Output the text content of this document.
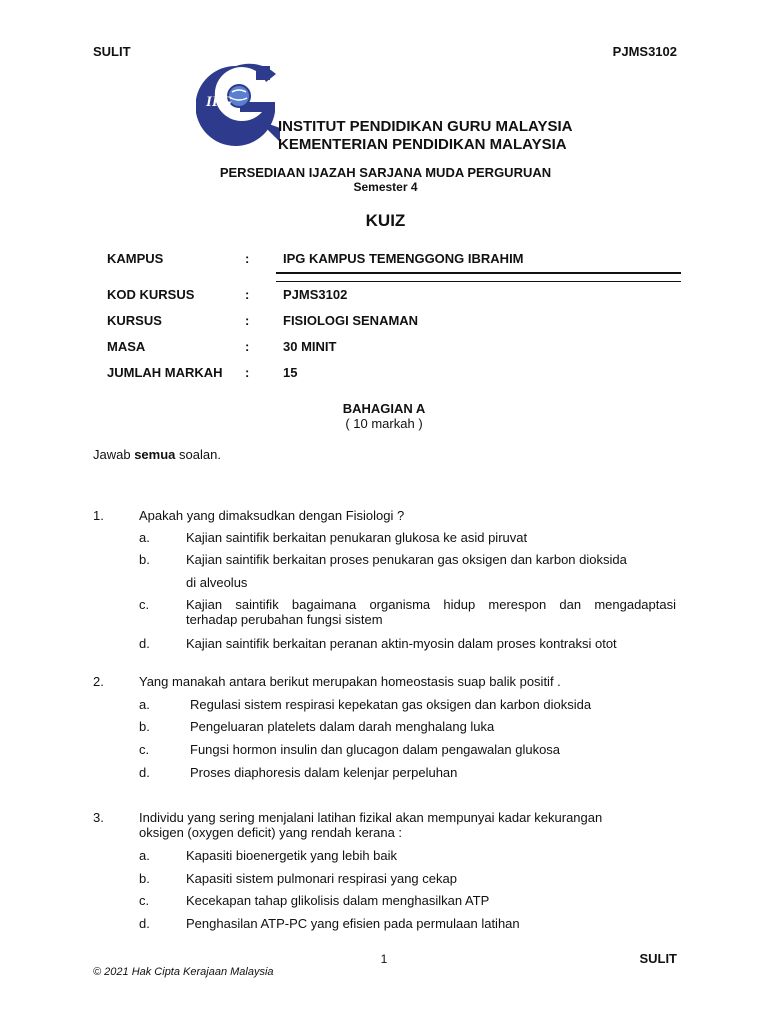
SULIT	PJMS3102
IPG
INSTITUT PENDIDIKAN GURU MALAYSIA
KEMENTERIAN PENDIDIKAN MALAYSIA
PERSEDIAAN IJAZAH SARJANA MUDA PERGURUAN
Semester 4
KUIZ
KAMPUS	:	IPG KAMPUS TEMENGGONG IBRAHIM
KOD KURSUS	:	PJMS3102
KURSUS	:	FISIOLOGI SENAMAN
MASA	:	30 MINIT
JUMLAH MARKAH :	15
BAHAGIAN A
( 10 markah )
Jawab semua soalan.
1.	Apakah yang dimaksudkan dengan Fisiologi ?
a.	Kajian saintifik berkaitan penukaran glukosa ke asid piruvat
b.	Kajian saintifik berkaitan proses penukaran gas oksigen dan karbon dioksida
di alveolus
c.	Kajian saintifik bagaimana organisma hidup merespon dan mengadaptasi
terhadap perubahan fungsi sistem
d.	Kajian saintifik berkaitan peranan aktin-myosin dalam proses kontraksi otot
2.	Yang manakah antara berikut merupakan homeostasis suap balik positif .
a.	Regulasi sistem respirasi kepekatan gas oksigen dan karbon dioksida
b.	Pengeluaran platelets dalam darah menghalang luka
c.	Fungsi hormon insulin dan glucagon dalam pengawalan glukosa
d.	Proses diaphoresis dalam kelenjar perpeluhan
3.	Individu yang sering menjalani latihan fizikal akan mempunyai kadar kekurangan
oksigen (oxygen deficit) yang rendah kerana :
a.	Kapasiti bioenergetik yang lebih baik
b.	Kapasiti sistem pulmonari respirasi yang cekap
c.	Kecekapan tahap glikolisis dalam menghasilkan ATP
d.	Penghasilan ATP-PC yang efisien pada permulaan latihan
1	SULIT
© 2021 Hak Cipta Kerajaan Malaysia
